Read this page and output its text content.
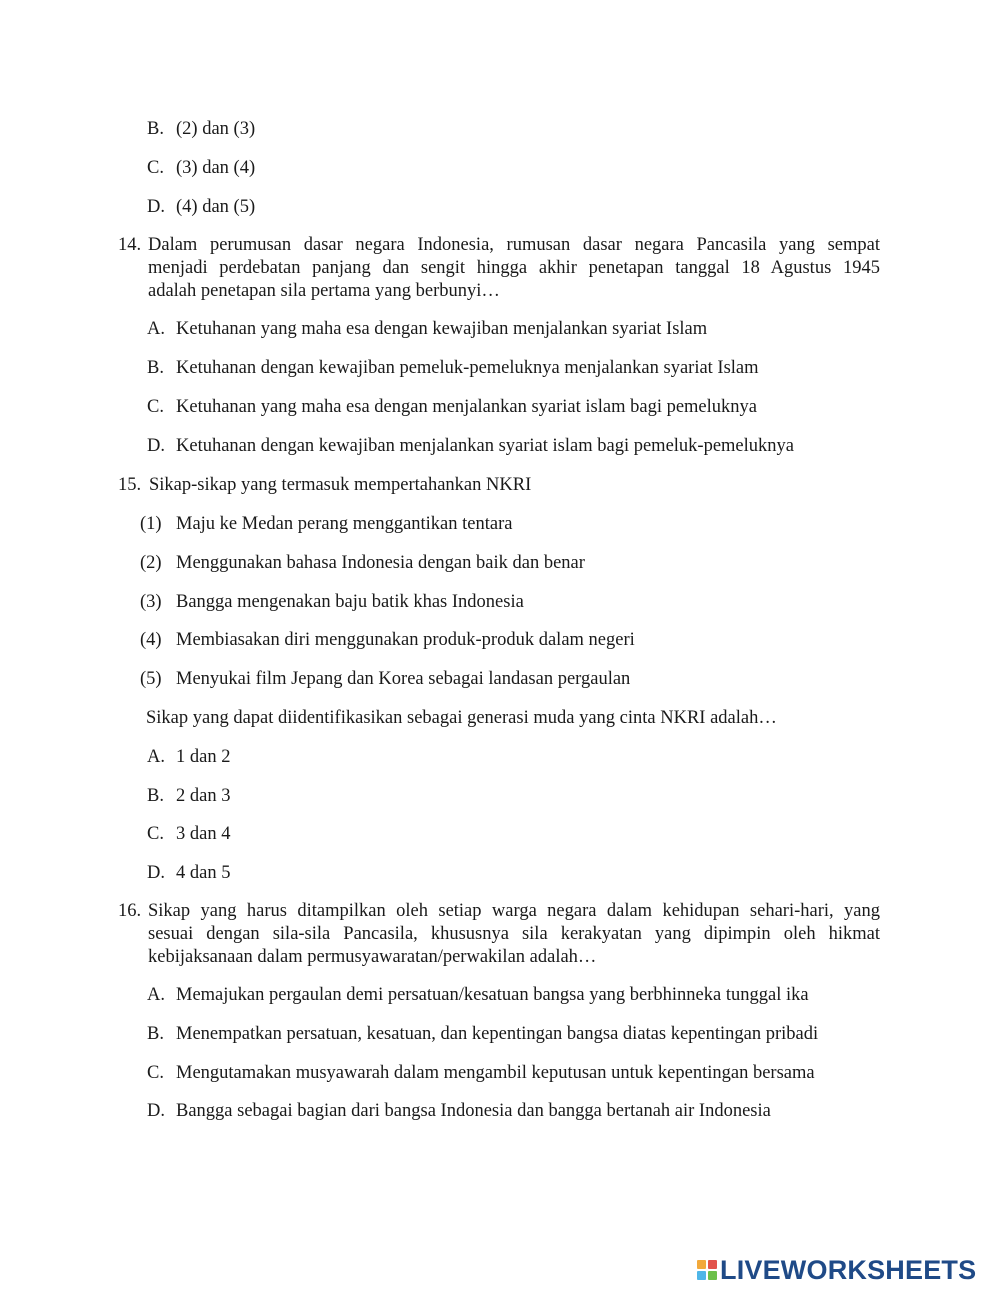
B. (2) dan (3)
C. (3) dan (4)
D. (4) dan (5)
14. Dalam perumusan dasar negara Indonesia, rumusan dasar negara Pancasila yang sempat
menjadi perdebatan panjang dan sengit hingga akhir penetapan tanggal 18 Agustus 1945
adalah penetapan sila pertama yang berbunyi…
A. Ketuhanan yang maha esa dengan kewajiban menjalankan syariat Islam
B. Ketuhanan dengan kewajiban pemeluk-pemeluknya menjalankan syariat Islam
C. Ketuhanan yang maha esa dengan menjalankan syariat islam bagi pemeluknya
D. Ketuhanan dengan kewajiban menjalankan syariat islam bagi pemeluk-pemeluknya
15. Sikap-sikap yang termasuk mempertahankan NKRI
(1) Maju ke Medan perang menggantikan tentara
(2) Menggunakan bahasa Indonesia dengan baik dan benar
(3) Bangga mengenakan baju batik khas Indonesia
(4) Membiasakan diri menggunakan produk-produk dalam negeri
(5) Menyukai film Jepang dan Korea sebagai landasan pergaulan
Sikap yang dapat diidentifikasikan sebagai generasi muda yang cinta NKRI adalah…
A. 1 dan 2
B. 2 dan 3
C. 3 dan 4
D. 4 dan 5
16. Sikap yang harus ditampilkan oleh setiap warga negara dalam kehidupan sehari-hari, yang
sesuai dengan sila-sila Pancasila, khususnya sila kerakyatan yang dipimpin oleh hikmat
kebijaksanaan dalam permusyawaratan/perwakilan adalah…
A. Memajukan pergaulan demi persatuan/kesatuan bangsa yang berbhinneka tunggal ika
B. Menempatkan persatuan, kesatuan, dan kepentingan bangsa diatas kepentingan pribadi
C. Mengutamakan musyawarah dalam mengambil keputusan untuk kepentingan bersama
D. Bangga sebagai bagian dari bangsa Indonesia dan bangga bertanah air Indonesia
LIVEWORKSHEETS
